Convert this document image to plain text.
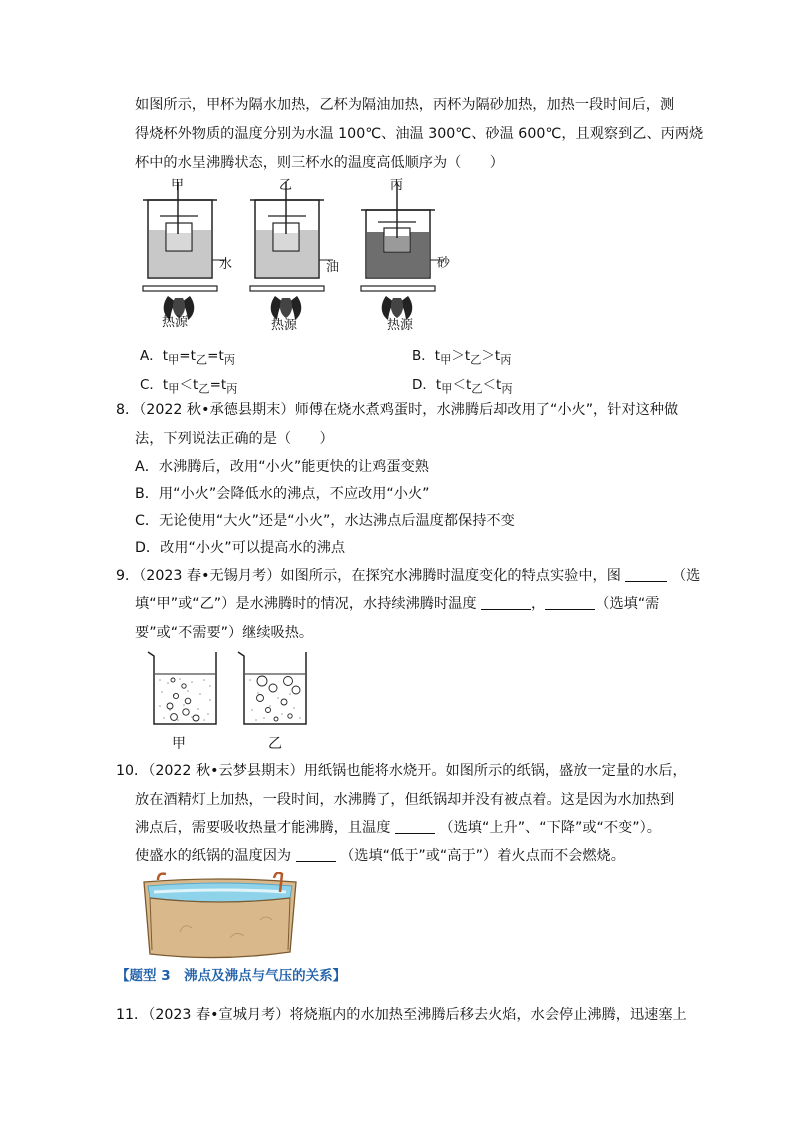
如图所示，甲杯为隔水加热，乙杯为隔油加热，丙杯为隔砂加热，加热一段时间后，测
得烧杯外物质的温度分别为水温 100℃、油温 300℃、砂温 600℃，且观察到乙、丙两烧
杯中的水呈沸腾状态，则三杯水的温度高低顺序为（　　）
甲	乙	丙
水	油	砂
热源	热源	热源
A．$t_甲=t_乙=t_丙$	B．$t_甲>t_乙>t_丙$
C．$t_甲<t_乙=t_丙$	D．$t_甲<t_乙<t_丙$
8．（2022 秋•承德县期末）师傅在烧水煮鸡蛋时，水沸腾后却改用了“小火”，针对这种做
法，下列说法正确的是（　　）
A．水沸腾后，改用“小火”能更快的让鸡蛋变熟
B．用“小火”会降低水的沸点，不应改用“小火”
C．无论使用“大火”还是“小火”，水达沸点后温度都保持不变
D．改用“小火”可以提高水的沸点
9．（2023 春•无锡月考）如图所示，在探究水沸腾时温度变化的特点实验中，图	（选
填“甲”或“乙”）是水沸腾时的情况，水持续沸腾时温度	，	（选填“需
要”或“不需要”）继续吸热。
甲	乙
10．（2022 秋•云梦县期末）用纸锅也能将水烧开。如图所示的纸锅，盛放一定量的水后，
放在酒精灯上加热，一段时间，水沸腾了，但纸锅却并没有被点着。这是因为水加热到
沸点后，需要吸收热量才能沸腾，且温度	（选填“上升”、“下降”或“不变”）。
使盛水的纸锅的温度因为	（选填“低于”或“高于”）着火点而不会燃烧。
【题型 3　沸点及沸点与气压的关系】
11．（2023 春•宣城月考）将烧瓶内的水加热至沸腾后移去火焰，水会停止沸腾，迅速塞上
